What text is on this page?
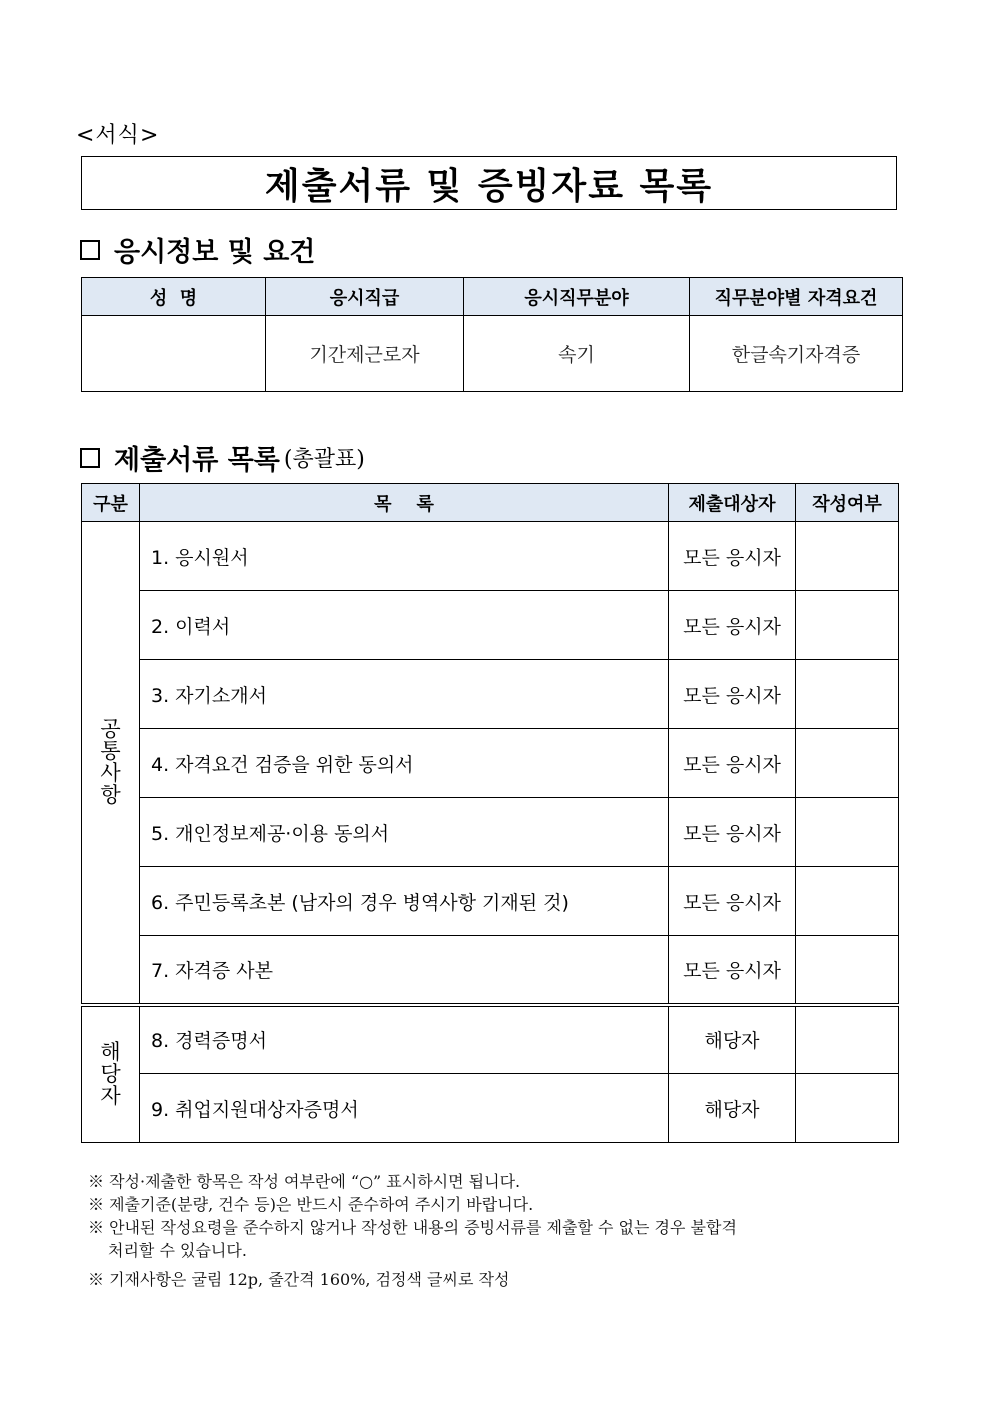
<서식>
제출서류 및 증빙자료 목록
응시정보 및 요건
성  명	응시직급	응시직무분야	직무분야별 자격요건
	기간제근로자	속기	한글속기자격증
제출서류 목록 (총괄표)
구분	목    록	제출대상자	작성여부

공통사항	1. 응시원서	모든 응시자	
	2. 이력서	모든 응시자	
	3. 자기소개서	모든 응시자	
	4. 자격요건 검증을 위한 동의서	모든 응시자	
	5. 개인정보제공·이용 동의서	모든 응시자	
	6. 주민등록초본 (남자의 경우 병역사항 기재된 것)	모든 응시자	
	7. 자격증 사본	모든 응시자	

해당자	8. 경력증명서	해당자	
	9. 취업지원대상자증명서	해당자	
※ 작성·제출한 항목은 작성 여부란에 “○” 표시하시면 됩니다.
※ 제출기준(분량, 건수 등)은 반드시 준수하여 주시기 바랍니다.
※ 안내된 작성요령을 준수하지 않거나 작성한 내용의 증빙서류를 제출할 수 없는 경우 불합격
처리할 수 있습니다.
※ 기재사항은 굴림 12p, 줄간격 160%, 검정색 글씨로 작성
